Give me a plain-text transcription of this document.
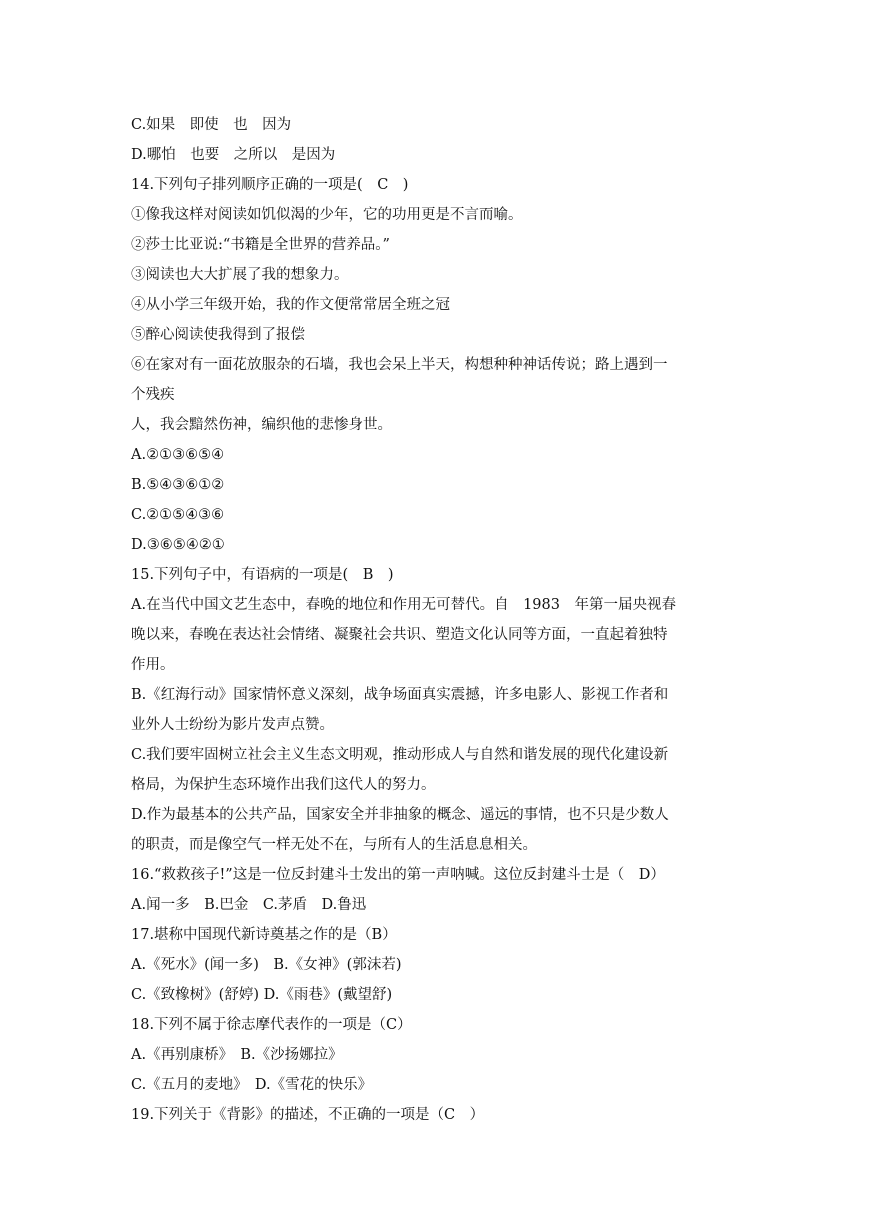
C.如果　即使　也　因为
D.哪怕　也要　之所以　是因为
14.下列句子排列顺序正确的一项是(　C　)
①像我这样对阅读如饥似渴的少年，它的功用更是不言而喻。
②莎士比亚说:“书籍是全世界的营养品。”
③阅读也大大扩展了我的想象力。
④从小学三年级开始，我的作文便常常居全班之冠
⑤醉心阅读使我得到了报偿
⑥在家对有一面花放服杂的石墙，我也会呆上半天，构想种种神话传说；路上遇到一
个残疾
人，我会黯然伤神，编织他的悲惨身世。
A.②①③⑥⑤④
B.⑤④③⑥①②
C.②①⑤④③⑥
D.③⑥⑤④②①
15.下列句子中，有语病的一项是(　B　)
A.在当代中国文艺生态中，春晚的地位和作用无可替代。自　1983　年第一届央视春
晚以来，春晚在表达社会情绪、凝聚社会共识、塑造文化认同等方面，一直起着独特
作用。
B.《红海行动》国家情怀意义深刻，战争场面真实震撼，许多电影人、影视工作者和
业外人士纷纷为影片发声点赞。
C.我们要牢固树立社会主义生态文明观，推动形成人与自然和谐发展的现代化建设新
格局，为保护生态环境作出我们这代人的努力。
D.作为最基本的公共产品，国家安全并非抽象的概念、遥远的事情，也不只是少数人
的职责，而是像空气一样无处不在，与所有人的生活息息相关。
16.“救救孩子!”这是一位反封建斗士发出的第一声呐喊。这位反封建斗士是（　D）
A.闻一多　B.巴金　C.茅盾　D.鲁迅
17.堪称中国现代新诗奠基之作的是（B）
A.《死水》(闻一多)　B.《女神》(郭沫若)
C.《致橡树》(舒婷) D.《雨巷》(戴望舒)
18.下列不属于徐志摩代表作的一项是（C）
A.《再别康桥》　B.《沙扬娜拉》
C.《五月的麦地》　D.《雪花的快乐》
19.下列关于《背影》的描述，不正确的一项是（C　）
